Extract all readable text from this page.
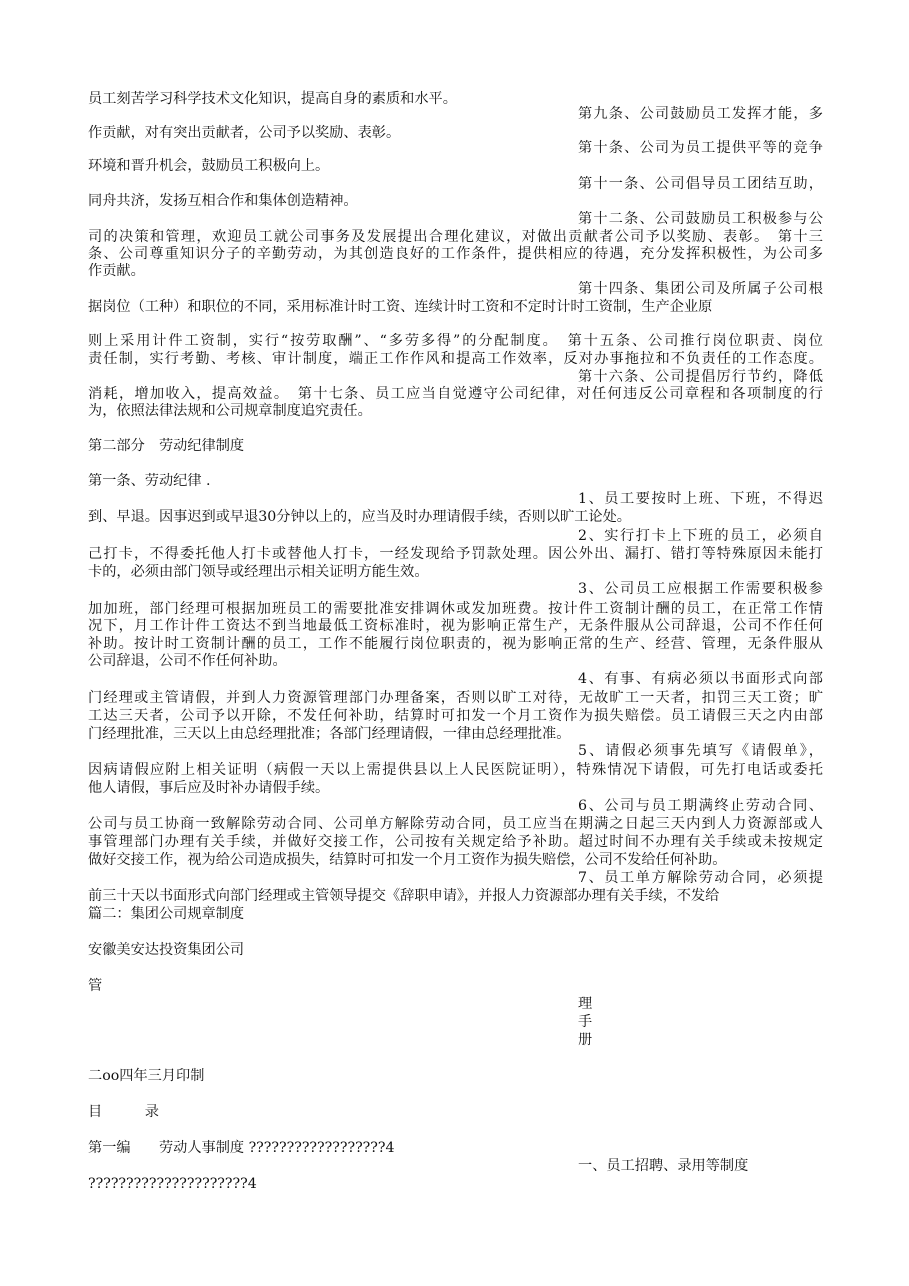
员工刻苦学习科学技术文化知识，提高自身的素质和水平。
第九条、公司鼓励员工发挥才能，多
作贡献，对有突出贡献者，公司予以奖励、表彰。
第十条、公司为员工提供平等的竞争
环境和晋升机会，鼓励员工积极向上。
第十一条、公司倡导员工团结互助，
同舟共济，发扬互相合作和集体创造精神。
第十二条、公司鼓励员工积极参与公
司的决策和管理，欢迎员工就公司事务及发展提出合理化建议，对做出贡献者公司予以奖励、表彰。　第十三
条、公司尊重知识分子的辛勤劳动，为其创造良好的工作条件，提供相应的待遇，充分发挥积极性，为公司多
作贡献。
第十四条、集团公司及所属子公司根
据岗位（工种）和职位的不同，采用标准计时工资、连续计时工资和不定时计时工资制，生产企业原
则上采用计件工资制，实行“按劳取酬”、“多劳多得”的分配制度。　第十五条、公司推行岗位职责、岗位
责任制，实行考勤、考核、审计制度，端正工作作风和提高工作效率，反对办事拖拉和不负责任的工作态度。
第十六条、公司提倡厉行节约，降低
消耗，增加收入，提高效益。　第十七条、员工应当自觉遵守公司纪律，对任何违反公司章程和各项制度的行
为，依照法律法规和公司规章制度追究责任。
第二部分　劳动纪律制度
第一条、劳动纪律 .
1、员工要按时上班、下班，不得迟
到、早退。因事迟到或早退30分钟以上的，应当及时办理请假手续，否则以旷工论处。
2、实行打卡上下班的员工，必须自
己打卡，不得委托他人打卡或替他人打卡，一经发现给予罚款处理。因公外出、漏打、错打等特殊原因未能打
卡的，必须由部门领导或经理出示相关证明方能生效。
3、公司员工应根据工作需要积极参
加加班，部门经理可根据加班员工的需要批准安排调休或发加班费。按计件工资制计酬的员工，在正常工作情
况下，月工作计件工资达不到当地最低工资标准时，视为影响正常生产，无条件服从公司辞退，公司不作任何
补助。按计时工资制计酬的员工，工作不能履行岗位职责的，视为影响正常的生产、经营、管理，无条件服从
公司辞退，公司不作任何补助。
4、有事、有病必须以书面形式向部
门经理或主管请假，并到人力资源管理部门办理备案，否则以旷工对待，无故旷工一天者，扣罚三天工资；旷
工达三天者，公司予以开除，不发任何补助，结算时可扣发一个月工资作为损失赔偿。员工请假三天之内由部
门经理批准，三天以上由总经理批准；各部门经理请假，一律由总经理批准。
5、请假必须事先填写《请假单》，
因病请假应附上相关证明（病假一天以上需提供县以上人民医院证明），特殊情况下请假，可先打电话或委托
他人请假，事后应及时补办请假手续。
6、公司与员工期满终止劳动合同、
公司与员工协商一致解除劳动合同、公司单方解除劳动合同，员工应当在期满之日起三天内到人力资源部或人
事管理部门办理有关手续，并做好交接工作，公司按有关规定给予补助。超过时间不办理有关手续或未按规定
做好交接工作，视为给公司造成损失，结算时可扣发一个月工资作为损失赔偿，公司不发给任何补助。
7、员工单方解除劳动合同，必须提
前三十天以书面形式向部门经理或主管领导提交《辞职申请》，并报人力资源部办理有关手续，不发给
篇二：集团公司规章制度
安徽美安达投资集团公司
管
理
手
册
二oo四年三月印制
目　　　录
第一编　　劳动人事制度 ??????????????????4
一、员工招聘、录用等制度
?????????????????????4
